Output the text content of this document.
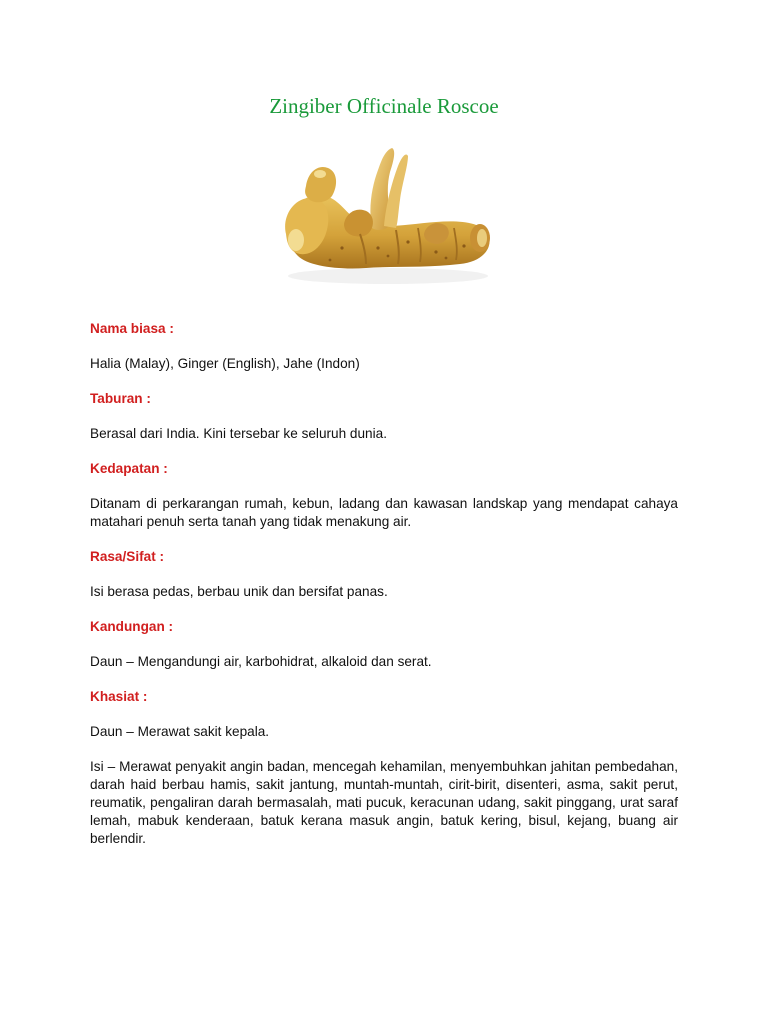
Zingiber Officinale Roscoe
Nama biasa :
Halia (Malay), Ginger (English), Jahe (Indon)
Taburan :
Berasal dari India. Kini tersebar ke seluruh dunia.
Kedapatan :
Ditanam di perkarangan rumah, kebun, ladang dan kawasan landskap yang mendapat cahaya matahari penuh serta tanah yang tidak menakung air.
Rasa/Sifat :
Isi berasa pedas, berbau unik dan bersifat panas.
Kandungan :
Daun – Mengandungi air, karbohidrat, alkaloid dan serat.
Khasiat :
Daun – Merawat sakit kepala.
Isi – Merawat penyakit angin badan, mencegah kehamilan, menyembuhkan jahitan pembedahan, darah haid berbau hamis, sakit jantung, muntah-muntah, cirit-birit, disenteri, asma, sakit perut, reumatik, pengaliran darah bermasalah, mati pucuk, keracunan udang, sakit pinggang, urat saraf lemah, mabuk kenderaan, batuk kerana masuk angin, batuk kering, bisul, kejang, buang air berlendir.
